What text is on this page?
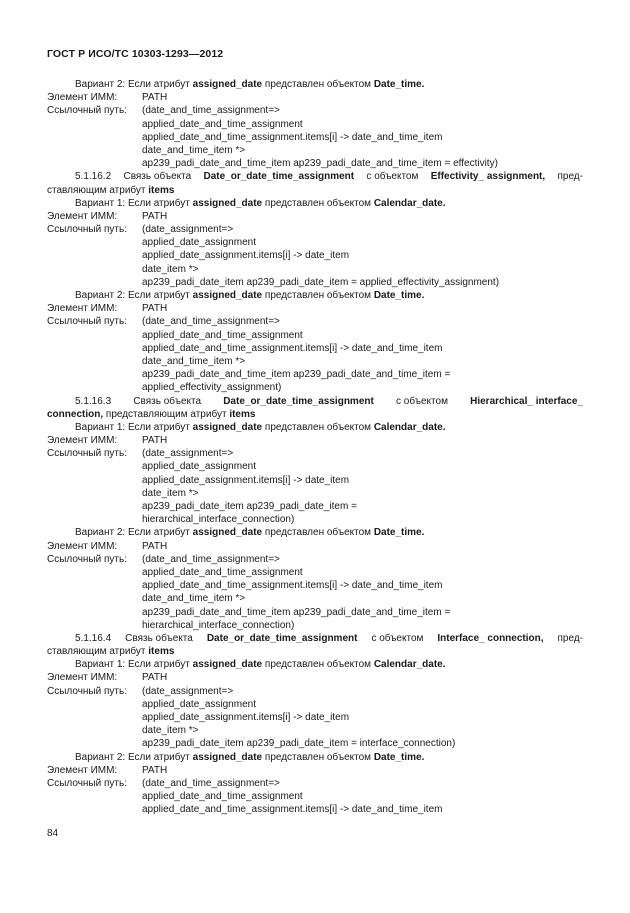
ГОСТ Р ИСО/ТС 10303-1293—2012
Вариант 2: Если атрибут assigned_date представлен объектом Date_time.
Элемент ИММ:	PATH
Ссылочный путь:	(date_and_time_assignment=>
applied_date_and_time_assignment
applied_date_and_time_assignment.items[i] -> date_and_time_item
date_and_time_item *>
ap239_padi_date_and_time_item ap239_padi_date_and_time_item = effectivity)
5.1.16.2 Связь объекта Date_or_date_time_assignment с объектом Effectivity_ assignment, пред-
ставляющим атрибут items
Вариант 1: Если атрибут assigned_date представлен объектом Calendar_date.
Элемент ИММ:	PATH
Ссылочный путь:	(date_assignment=>
applied_date_assignment
applied_date_assignment.items[i] -> date_item
date_item *>
ap239_padi_date_item ap239_padi_date_item = applied_effectivity_assignment)
Вариант 2: Если атрибут assigned_date представлен объектом Date_time.
Элемент ИММ:	PATH
Ссылочный путь:	(date_and_time_assignment=>
applied_date_and_time_assignment
applied_date_and_time_assignment.items[i] -> date_and_time_item
date_and_time_item *>
ap239_padi_date_and_time_item ap239_padi_date_and_time_item =
applied_effectivity_assignment)
5.1.16.3 Связь объекта Date_or_date_time_assignment с объектом Hierarchical_ interface_
connection, представляющим атрибут items
Вариант 1: Если атрибут assigned_date представлен объектом Calendar_date.
Элемент ИММ:	PATH
Ссылочный путь:	(date_assignment=>
applied_date_assignment
applied_date_assignment.items[i] -> date_item
date_item *>
ap239_padi_date_item ap239_padi_date_item =
hierarchical_interface_connection)
Вариант 2: Если атрибут assigned_date представлен объектом Date_time.
Элемент ИММ:	PATH
Ссылочный путь:	(date_and_time_assignment=>
applied_date_and_time_assignment
applied_date_and_time_assignment.items[i] -> date_and_time_item
date_and_time_item *>
ap239_padi_date_and_time_item ap239_padi_date_and_time_item =
hierarchical_interface_connection)
5.1.16.4 Связь объекта Date_or_date_time_assignment с объектом Interface_ connection, пред-
ставляющим атрибут items
Вариант 1: Если атрибут assigned_date представлен объектом Calendar_date.
Элемент ИММ:	PATH
Ссылочный путь:	(date_assignment=>
applied_date_assignment
applied_date_assignment.items[i] -> date_item
date_item *>
ap239_padi_date_item ap239_padi_date_item = interface_connection)
Вариант 2: Если атрибут assigned_date представлен объектом Date_time.
Элемент ИММ:	PATH
Ссылочный путь:	(date_and_time_assignment=>
applied_date_and_time_assignment
applied_date_and_time_assignment.items[i] -> date_and_time_item
84
